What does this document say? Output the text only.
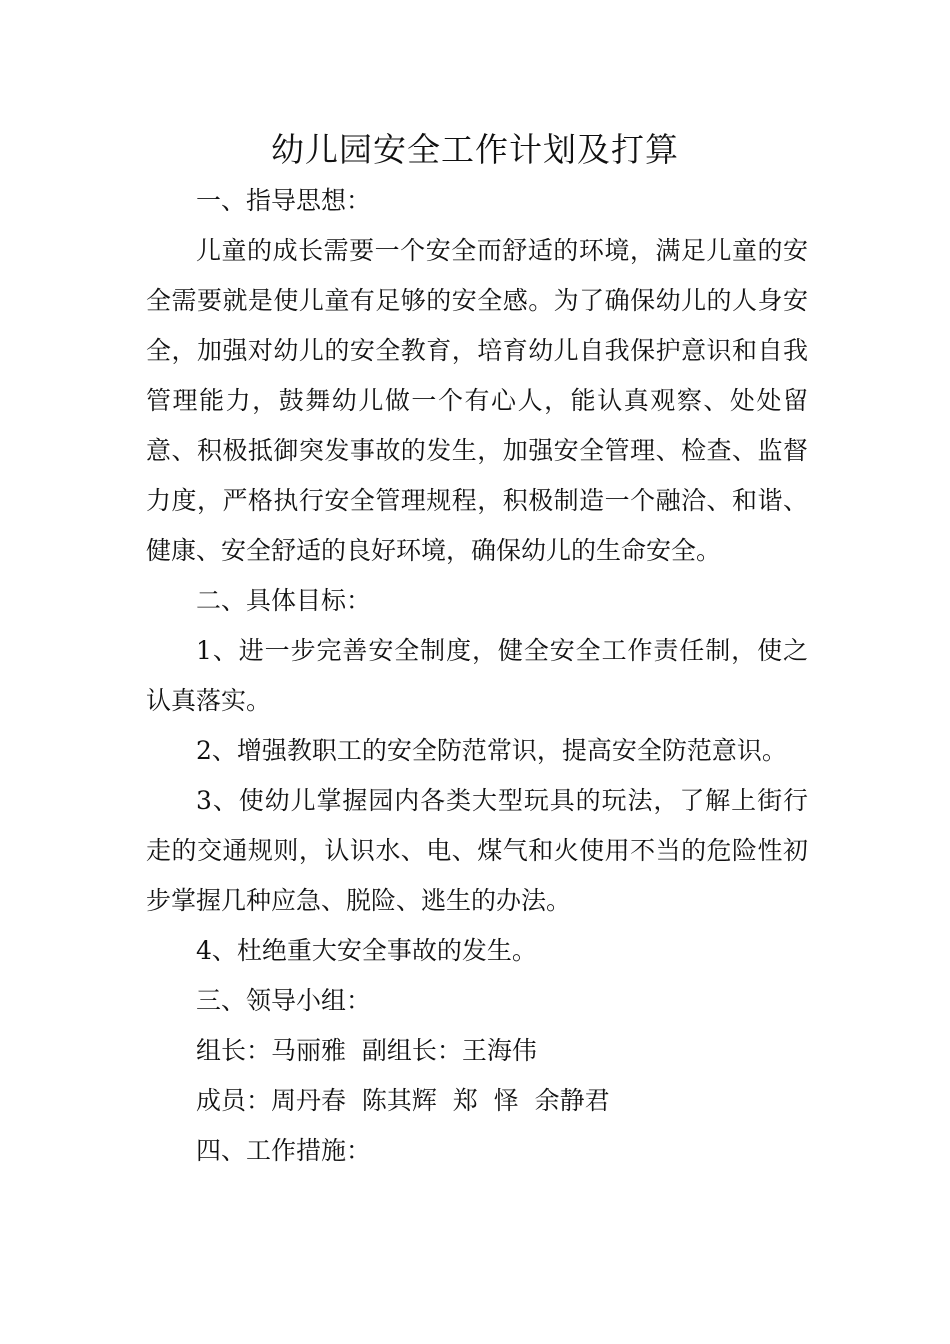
幼儿园安全工作计划及打算

一、指导思想：

儿童的成长需要一个安全而舒适的环境，满足儿童的安全需要就是使儿童有足够的安全感。为了确保幼儿的人身安全，加强对幼儿的安全教育，培育幼儿自我保护意识和自我管理能力，鼓舞幼儿做一个有心人，能认真观察、处处留意、积极抵御突发事故的发生，加强安全管理、检查、监督力度，严格执行安全管理规程，积极制造一个融洽、和谐、健康、安全舒适的良好环境，确保幼儿的生命安全。

二、具体目标：

1、进一步完善安全制度，健全安全工作责任制，使之认真落实。

2、增强教职工的安全防范常识，提高安全防范意识。

3、使幼儿掌握园内各类大型玩具的玩法，了解上街行走的交通规则，认识水、电、煤气和火使用不当的危险性初步掌握几种应急、脱险、逃生的办法。

4、杜绝重大安全事故的发生。

三、领导小组：

组长：马丽雅  副组长：王海伟

成员：周丹春  陈其辉  郑  怿  余静君

四、工作措施：
